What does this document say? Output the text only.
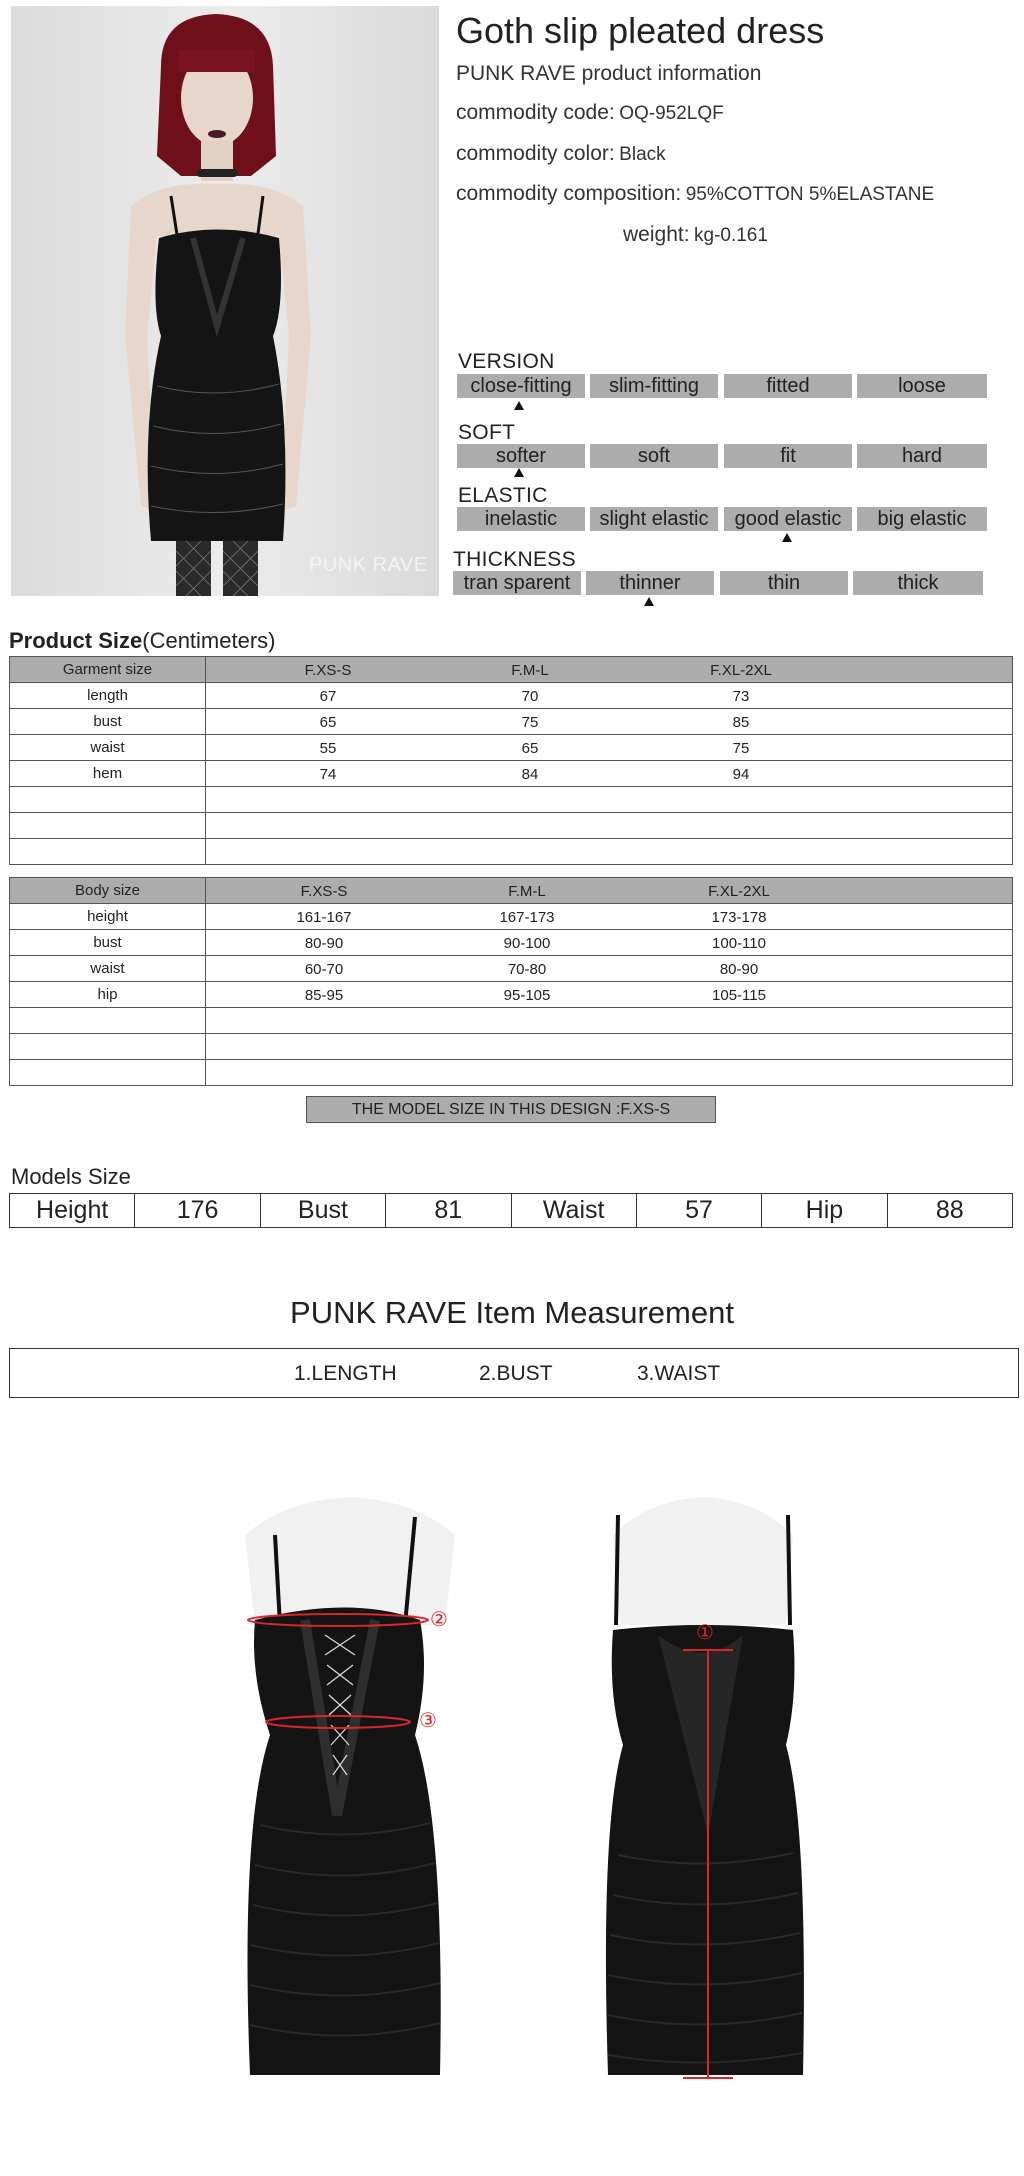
PUNK RAVE
Goth slip pleated dress
PUNK RAVE product information
commodity code: OQ-952LQF
commodity color: Black
commodity composition: 95%COTTON 5%ELASTANE
weight: kg-0.161
VERSION
close-fitting	slim-fitting	fitted	loose
SOFT
softer	soft	fit	hard
ELASTIC
inelastic	slight elastic	good elastic	big elastic
THICKNESS
tran sparent	thinner	thin	thick
Product Size(Centimeters)
Garment size	F.XS-S F.M-L F.XL-2XL

length	67 70 73

bust	65 75 85

waist	55 65 75

hem	74 84 94

Body size	F.XS-S F.M-L F.XL-2XL

height	161-167 167-173 173-178

bust	80-90 90-100 100-110

waist	60-70 70-80 80-90

hip	85-95 95-105 105-115

THE MODEL SIZE IN THIS DESIGN :F.XS-S
Models Size
Height	176	Bust	81	Waist	57	Hip	88
PUNK RAVE Item Measurement
1.LENGTH	2.BUST	3.WAIST
②
③
①
